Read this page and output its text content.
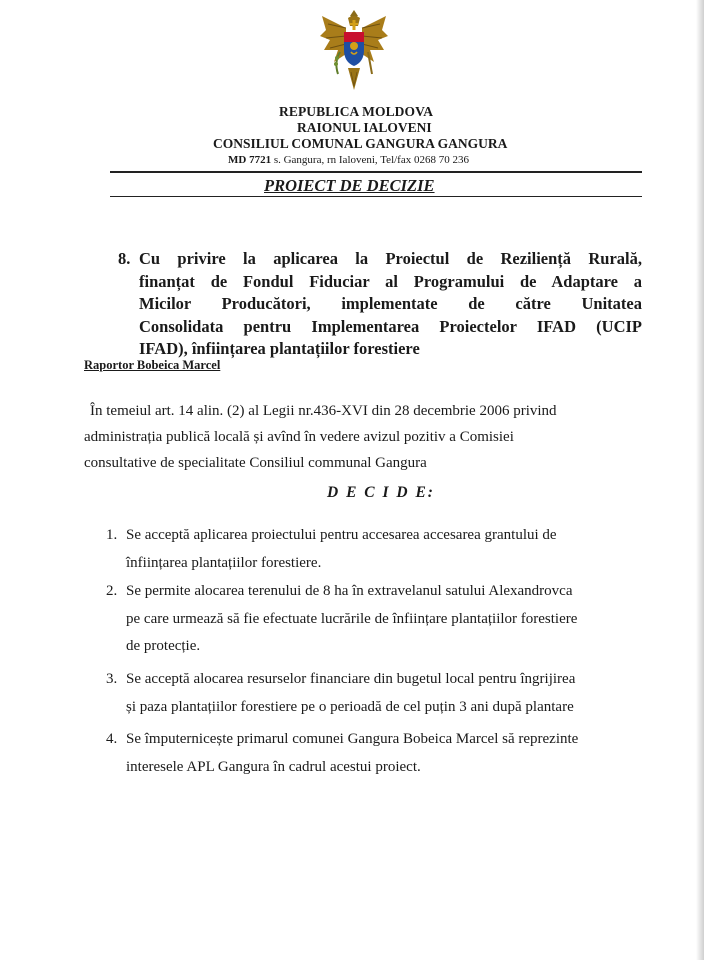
REPUBLICA MOLDOVA
RAIONUL IALOVENI
CONSILIUL COMUNAL GANGURA GANGURA
MD 7721 s. Gangura, rn Ialoveni, Tel/fax 0268 70 236
PROIECT DE DECIZIE
8. Cu privire la aplicarea la Proiectul de Reziliență Rurală,
finanțat de Fondul Fiduciar al Programului de Adaptare a
Micilor Producători, implementate de către Unitatea
Consolidata pentru Implementarea Proiectelor IFAD (UCIP
IFAD), înființarea plantațiilor forestiere
Raportor Bobeica Marcel
În temeiul art. 14 alin. (2) al Legii nr.436-XVI din 28 decembrie 2006 privind
administrația publică locală și avînd în vedere avizul pozitiv a Comisiei
consultative de specialitate Consiliul communal Gangura
D E C I D E:
1. Se acceptă aplicarea proiectului pentru accesarea accesarea grantului de
înființarea plantațiilor forestiere.
2. Se permite alocarea terenului de 8 ha în extravelanul satului Alexandrovca
pe care urmează să fie efectuate lucrările de înființare plantațiilor forestiere
de protecție.
3. Se acceptă alocarea resurselor financiare din bugetul local pentru îngrijirea
și paza plantațiilor forestiere pe o perioadă de cel puțin 3 ani după plantare
4. Se împuternicește primarul comunei Gangura Bobeica Marcel să reprezinte
interesele APL Gangura în cadrul acestui proiect.
